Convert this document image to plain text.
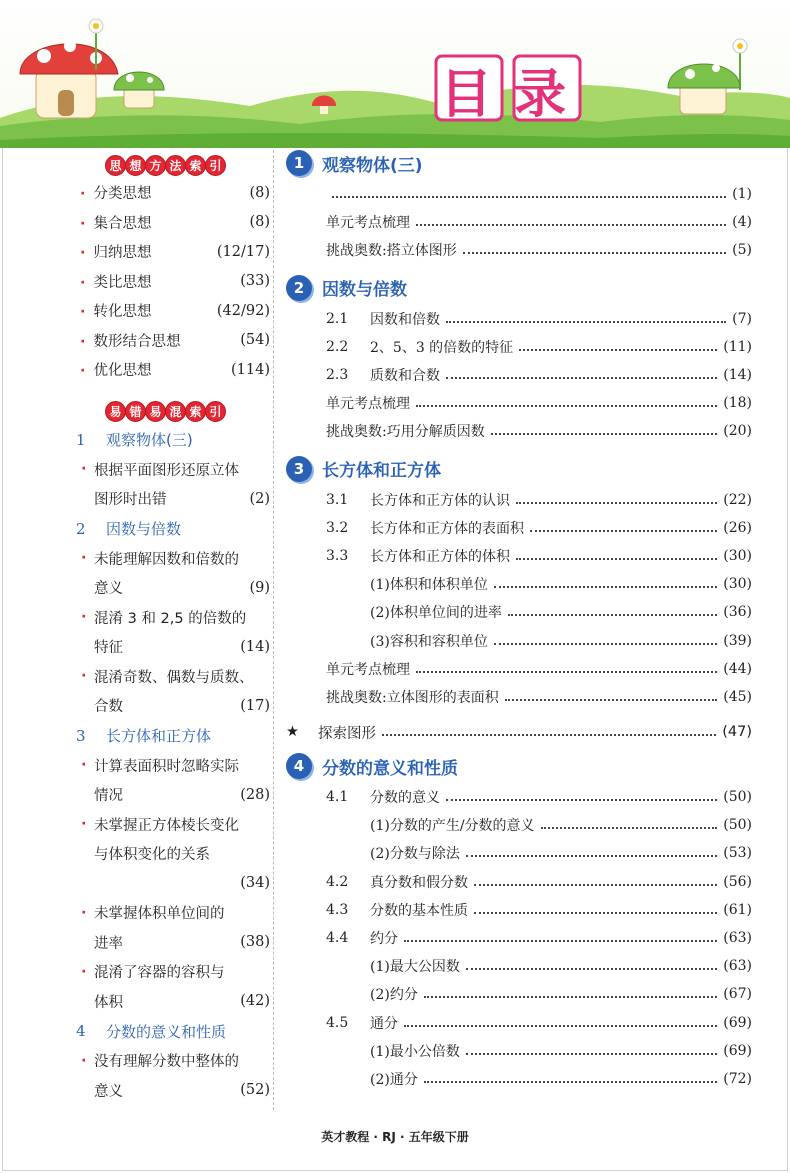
目录
思 想 方 法 索 引
· 分类思想	(8)
· 集合思想	(8)
· 归纳思想	(12/17)
· 类比思想	(33)
· 转化思想	(42/92)
· 数形结合思想	(54)
· 优化思想	(114)
易 错 易 混 索 引
1	观察物体(三)
· 根据平面图形还原立体
图形时出错	(2)
2	因数与倍数
· 未能理解因数和倍数的
意义	(9)
· 混淆 3 和 2,5 的倍数的
特征	(14)
· 混淆奇数、偶数与质数、
合数	(17)
3	长方体和正方体
· 计算表面积时忽略实际
情况	(28)
· 未掌握正方体棱长变化
与体积变化的关系
(34)
· 未掌握体积单位间的
进率	(38)
· 混淆了容器的容积与
体积	(42)
4	分数的意义和性质
· 没有理解分数中整体的
意义	(52)
1	观察物体(三)
(1)
单元考点梳理	(4)
挑战奥数:搭立体图形	(5)
2	因数与倍数
2.1	因数和倍数	(7)
2.2	2、5、3 的倍数的特征	(11)
2.3	质数和合数	(14)
单元考点梳理	(18)
挑战奥数:巧用分解质因数	(20)
3	长方体和正方体
3.1	长方体和正方体的认识	(22)
3.2	长方体和正方体的表面积	(26)
3.3	长方体和正方体的体积	(30)
(1)体积和体积单位	(30)
(2)体积单位间的进率	(36)
(3)容积和容积单位	(39)
单元考点梳理	(44)
挑战奥数:立体图形的表面积	(45)
★	探索图形	(47)
4	分数的意义和性质
4.1	分数的意义	(50)
(1)分数的产生/分数的意义	(50)
(2)分数与除法	(53)
4.2	真分数和假分数	(56)
4.3	分数的基本性质	(61)
4.4	约分	(63)
(1)最大公因数	(63)
(2)约分	(67)
4.5	通分	(69)
(1)最小公倍数	(69)
(2)通分	(72)
英才教程 · RJ · 五年级下册
